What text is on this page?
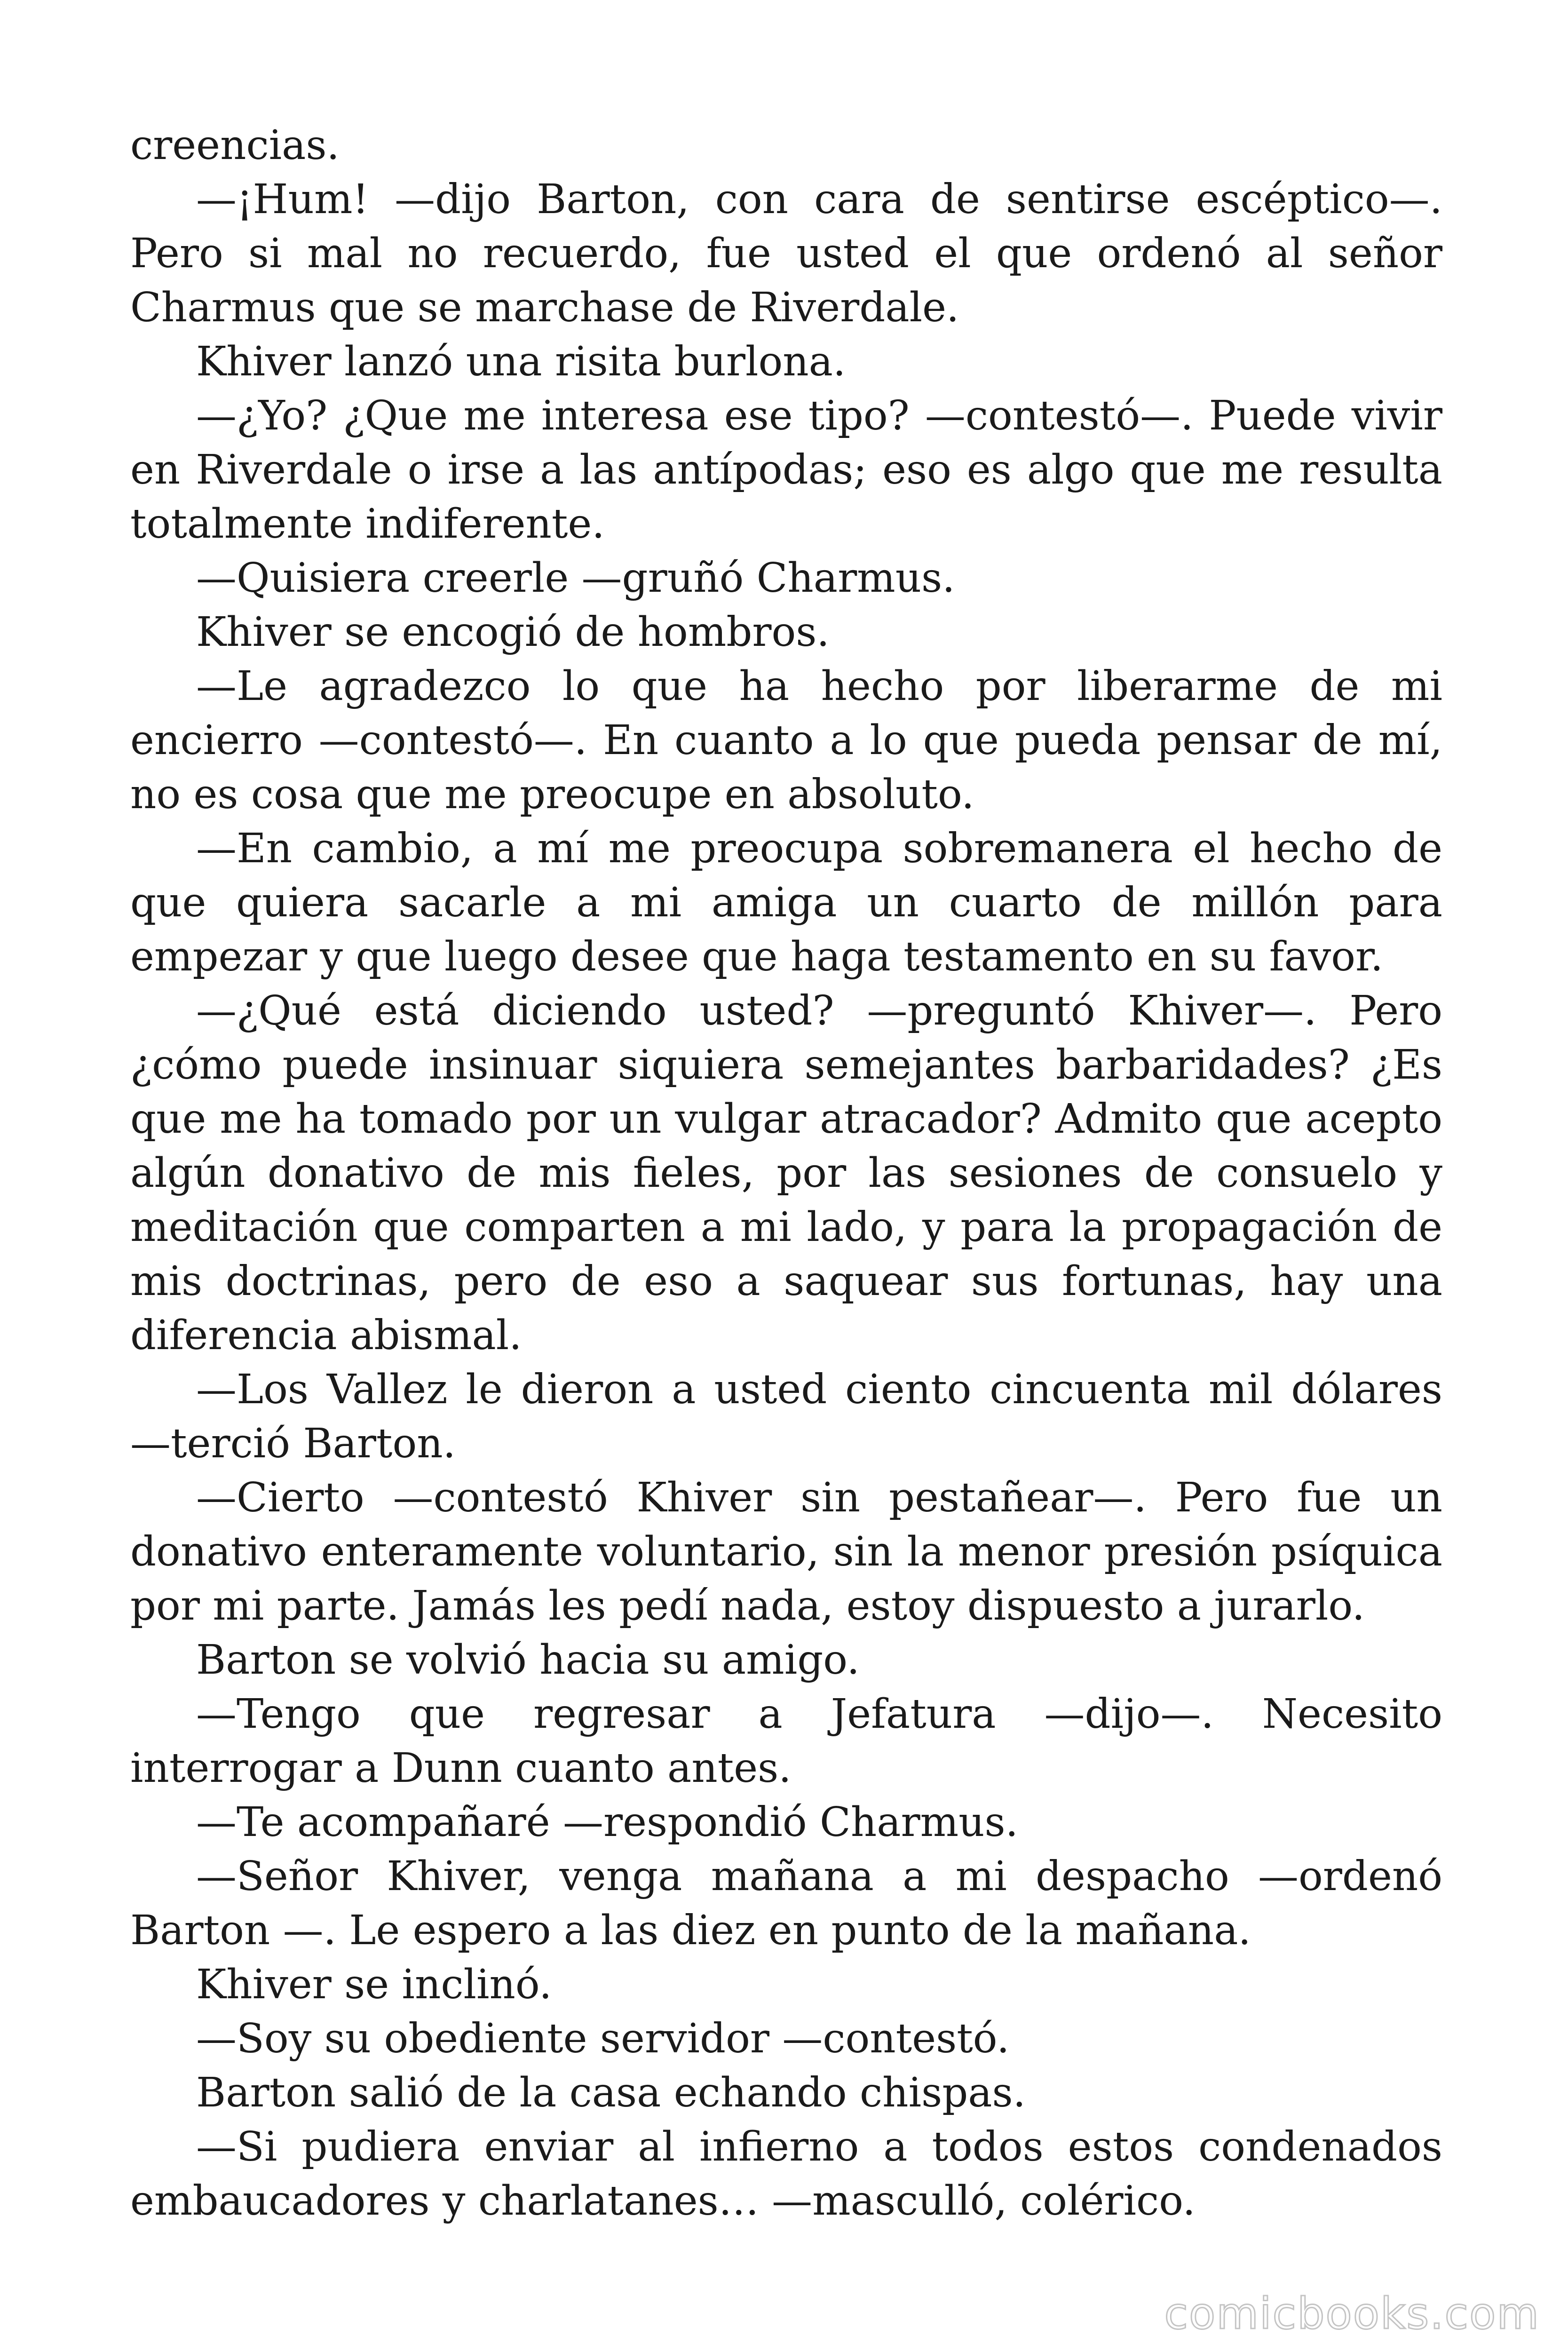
creencias.

—¡Hum! —dijo Barton, con cara de sentirse escéptico—. Pero si mal no recuerdo, fue usted el que ordenó al señor Charmus que se marchase de Riverdale.

Khiver lanzó una risita burlona.

—¿Yo? ¿Que me interesa ese tipo? —contestó—. Puede vivir en Riverdale o irse a las antípodas; eso es algo que me resulta totalmente indiferente.

—Quisiera creerle —gruñó Charmus.

Khiver se encogió de hombros.

—Le agradezco lo que ha hecho por liberarme de mi encierro —contestó—. En cuanto a lo que pueda pensar de mí, no es cosa que me preocupe en absoluto.

—En cambio, a mí me preocupa sobremanera el hecho de que quiera sacarle a mi amiga un cuarto de millón para empezar y que luego desee que haga testamento en su favor.

—¿Qué está diciendo usted? —preguntó Khiver—. Pero ¿cómo puede insinuar siquiera semejantes barbaridades? ¿Es que me ha tomado por un vulgar atracador? Admito que acepto algún donativo de mis fieles, por las sesiones de consuelo y meditación que comparten a mi lado, y para la propagación de mis doctrinas, pero de eso a saquear sus fortunas, hay una diferencia abismal.

—Los Vallez le dieron a usted ciento cincuenta mil dólares —terció Barton.

—Cierto —contestó Khiver sin pestañear—. Pero fue un donativo enteramente voluntario, sin la menor presión psíquica por mi parte. Jamás les pedí nada, estoy dispuesto a jurarlo.

Barton se volvió hacia su amigo.

—Tengo que regresar a Jefatura —dijo—. Necesito interrogar a Dunn cuanto antes.

—Te acompañaré —respondió Charmus.

—Señor Khiver, venga mañana a mi despacho —ordenó Barton —. Le espero a las diez en punto de la mañana.

Khiver se inclinó.

—Soy su obediente servidor —contestó.

Barton salió de la casa echando chispas.

—Si pudiera enviar al infierno a todos estos condenados embaucadores y charlatanes… —masculló, colérico.

comicbooks.com
